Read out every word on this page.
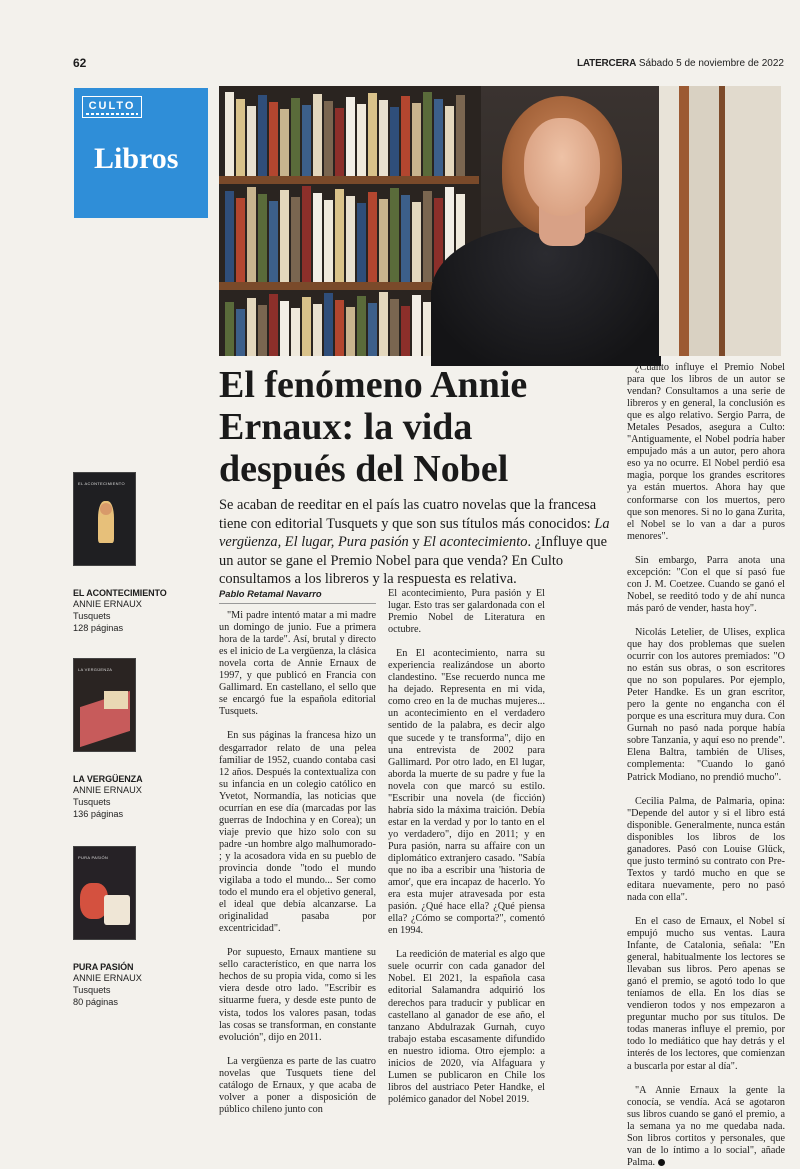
62	LATERCERA Sábado 5 de noviembre de 2022
CULTO
Libros
El fenómeno Annie Ernaux: la vida después del Nobel

Se acaban de reeditar en el país las cuatro novelas que la francesa tiene con editorial Tusquets y que son sus títulos más conocidos: La vergüenza, El lugar, Pura pasión y El acontecimiento. ¿Influye que un autor se gane el Premio Nobel para que venda? En Culto consultamos a los libreros y la respuesta es relativa.

EL ACONTECIMIENTO
EL ACONTECIMIENTO
ANNIE ERNAUX
Tusquets
128 páginas
LA VERGÜENZA
LA VERGÜENZA
ANNIE ERNAUX
Tusquets
136 páginas
PURA PASIÓN
PURA PASIÓN
ANNIE ERNAUX
Tusquets
80 páginas
Pablo Retamal Navarro

"Mi padre intentó matar a mi madre un domingo de junio. Fue a primera hora de la tarde". Así, brutal y directo es el inicio de La vergüenza, la clásica novela corta de Annie Ernaux de 1997, y que publicó en Francia con Gallimard. En castellano, el sello que se encargó fue la española editorial Tusquets.

En sus páginas la francesa hizo un desgarrador relato de una pelea familiar de 1952, cuando contaba casi 12 años. Después la contextualiza con su infancia en un colegio católico en Yvetot, Normandía, las noticias que ocurrían en ese día (marcadas por las guerras de Indochina y en Corea); un viaje previo que hizo solo con su padre -un hombre algo malhumorado- ; y la acosadora vida en su pueblo de provincia donde "todo el mundo vigilaba a todo el mundo... Ser como todo el mundo era el objetivo general, el ideal que debía alcanzarse. La originalidad pasaba por excentricidad".

Por supuesto, Ernaux mantiene su sello característico, en que narra los hechos de su propia vida, como si les viera desde otro lado. "Escribir es situarme fuera, y desde este punto de vista, todos los valores pasan, todas las cosas se transforman, en constante evolución", dijo en 2011.

La vergüenza es parte de las cuatro novelas que Tusquets tiene del catálogo de Ernaux, y que acaba de volver a poner a disposición de público chileno junto con

El acontecimiento, Pura pasión y El lugar. Esto tras ser galardonada con el Premio Nobel de Literatura en octubre.

En El acontecimiento, narra su experiencia realizándose un aborto clandestino. "Ese recuerdo nunca me ha dejado. Representa en mi vida, como creo en la de muchas mujeres... un acontecimiento en el verdadero sentido de la palabra, es decir algo que sucede y te transforma", dijo en una entrevista de 2002 para Gallimard. Por otro lado, en El lugar, aborda la muerte de su padre y fue la novela con que marcó su estilo. "Escribir una novela (de ficción) habría sido la máxima traición. Debía estar en la verdad y por lo tanto en el yo verdadero", dijo en 2011; y en Pura pasión, narra su affaire con un diplomático extranjero casado. "Sabía que no iba a escribir una 'historia de amor', que era incapaz de hacerlo. Yo era esta mujer atravesada por esta pasión. ¿Qué hace ella? ¿Qué piensa ella? ¿Cómo se comporta?", comentó en 1994.

La reedición de material es algo que suele ocurrir con cada ganador del Nobel. El 2021, la española casa editorial Salamandra adquirió los derechos para traducir y publicar en castellano al ganador de ese año, el tanzano Abdulrazak Gurnah, cuyo trabajo estaba escasamente difundido en nuestro idioma. Otro ejemplo: a inicios de 2020, vía Alfaguara y Lumen se publicaron en Chile los libros del austriaco Peter Handke, el polémico ganador del Nobel 2019.

¿Cuánto influye el Premio Nobel para que los libros de un autor se vendan? Consultamos a una serie de libreros y en general, la conclusión es que es algo relativo. Sergio Parra, de Metales Pesados, asegura a Culto: "Antiguamente, el Nobel podría haber empujado más a un autor, pero ahora eso ya no ocurre. El Nobel perdió esa magia, porque los grandes escritores ya están muertos. Ahora hay que conformarse con los muertos, pero que son menores. Si no lo gana Zurita, el Nobel se lo van a dar a puros menores".

Sin embargo, Parra anota una excepción: "Con el que sí pasó fue con J. M. Coetzee. Cuando se ganó el Nobel, se reeditó todo y de ahí nunca más paró de vender, hasta hoy".

Nicolás Letelier, de Ulises, explica que hay dos problemas que suelen ocurrir con los autores premiados: "O no están sus obras, o son escritores que no son populares. Por ejemplo, Peter Handke. Es un gran escritor, pero la gente no engancha con él porque es una escritura muy dura. Con Gurnah no pasó nada porque había sobre Tanzania, y aquí eso no prende". Elena Baltra, también de Ulises, complementa: "Cuando lo ganó Patrick Modiano, no prendió mucho".

Cecilia Palma, de Palmaria, opina: "Depende del autor y si el libro está disponible. Generalmente, nunca están disponibles los libros de los ganadores. Pasó con Louise Glück, que justo terminó su contrato con Pre-Textos y tardó mucho en que se editara nuevamente, pero no pasó nada con ella".

En el caso de Ernaux, el Nobel sí empujó mucho sus ventas. Laura Infante, de Catalonia, señala: "En general, habitualmente los lectores se llevaban sus libros. Pero apenas se ganó el premio, se agotó todo lo que teníamos de ella. En los días se vendieron todos y nos empezaron a preguntar mucho por sus títulos. De todas maneras influye el premio, por todo lo mediático que hay detrás y el interés de los lectores, que comienzan a buscarla por estar al día".

"A Annie Ernaux la gente la conocía, se vendía. Acá se agotaron sus libros cuando se ganó el premio, a la semana ya no me quedaba nada. Son libros cortitos y personales, que van de lo íntimo a lo social", añade Palma.
